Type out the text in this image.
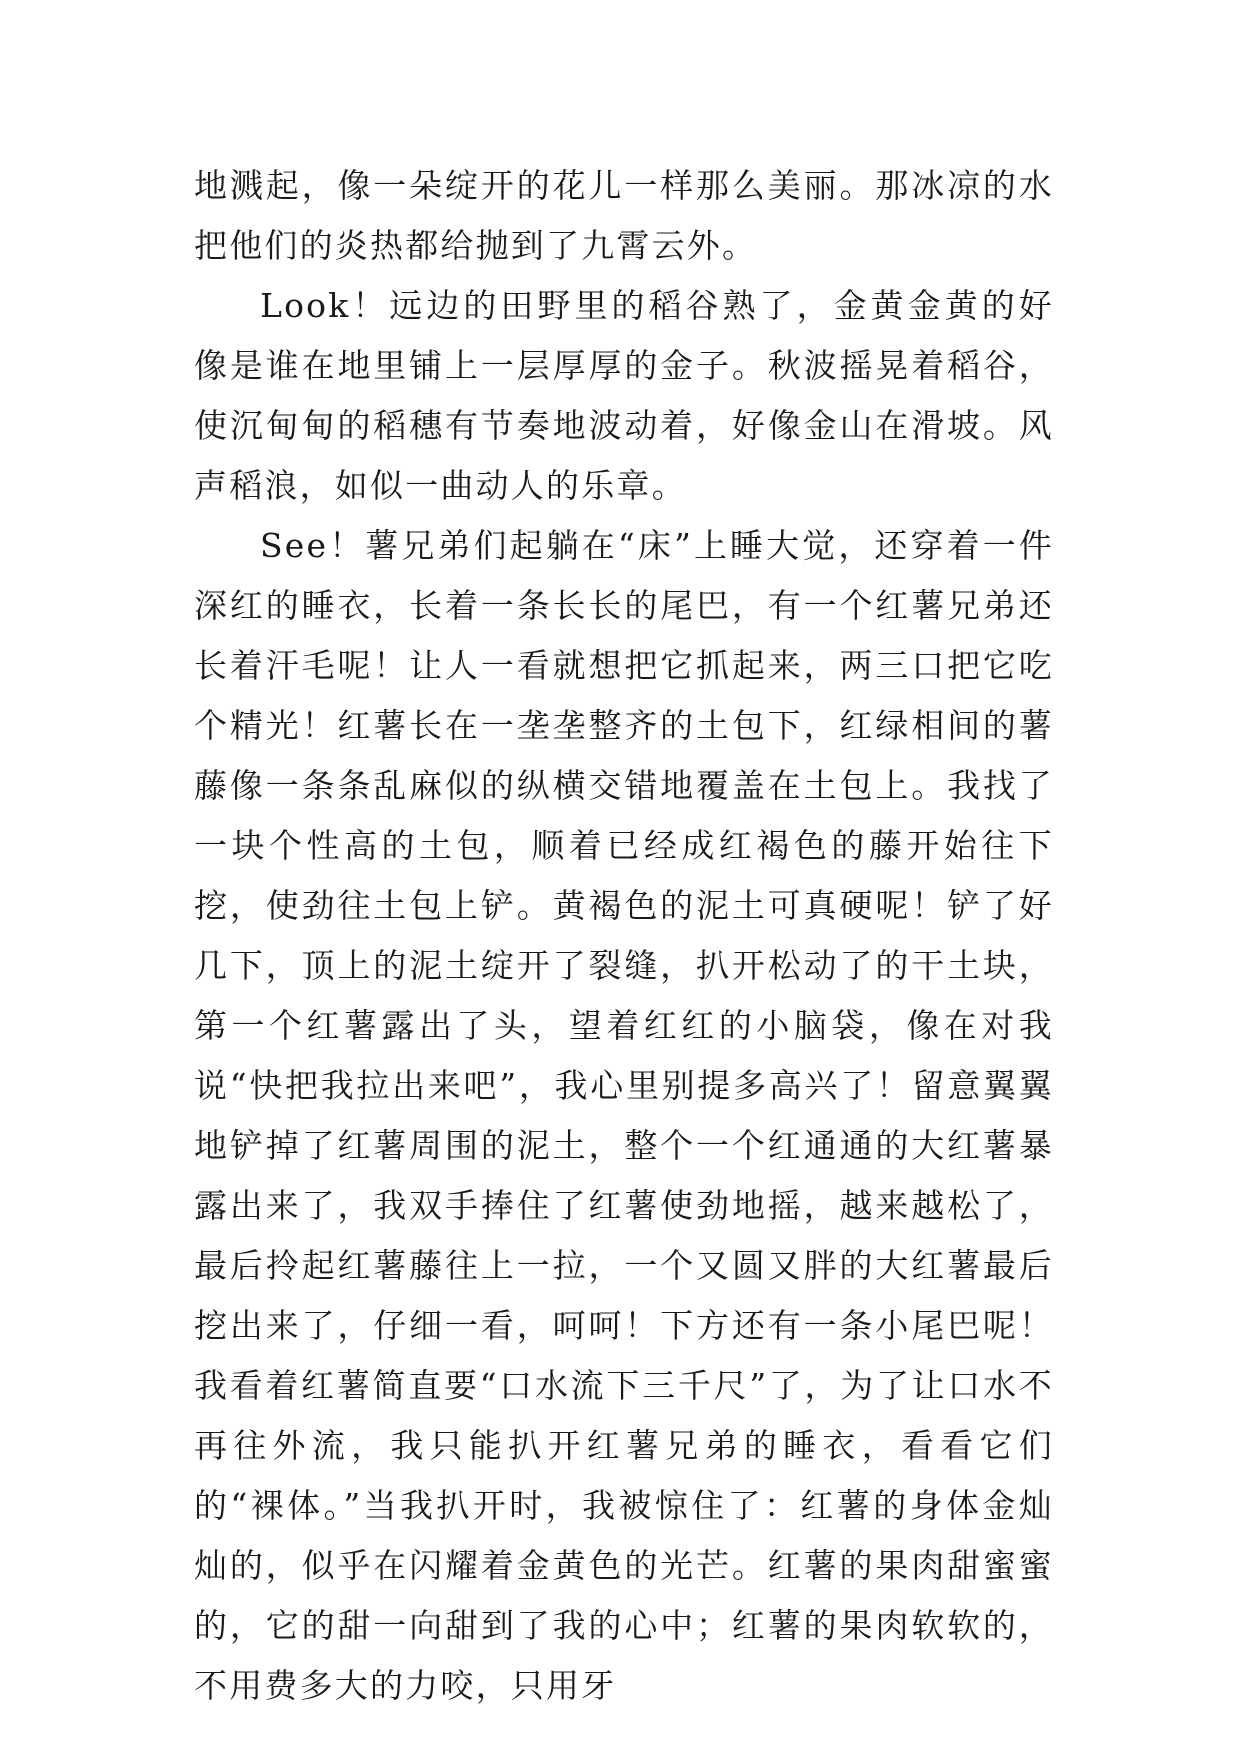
地溅起，像一朵绽开的花儿一样那么美丽。那冰凉的水把他们的炎热都给抛到了九霄云外。

Look！远边的田野里的稻谷熟了，金黄金黄的好像是谁在地里铺上一层厚厚的金子。秋波摇晃着稻谷，使沉甸甸的稻穗有节奏地波动着，好像金山在滑坡。风声稻浪，如似一曲动人的乐章。

See！薯兄弟们起躺在“床”上睡大觉，还穿着一件深红的睡衣，长着一条长长的尾巴，有一个红薯兄弟还长着汗毛呢！让人一看就想把它抓起来，两三口把它吃个精光！红薯长在一垄垄整齐的土包下，红绿相间的薯藤像一条条乱麻似的纵横交错地覆盖在土包上。我找了一块个性高的土包，顺着已经成红褐色的藤开始往下挖，使劲往土包上铲。黄褐色的泥土可真硬呢！铲了好几下，顶上的泥土绽开了裂缝，扒开松动了的干土块，第一个红薯露出了头，望着红红的小脑袋，像在对我说“快把我拉出来吧”，我心里别提多高兴了！留意翼翼地铲掉了红薯周围的泥土，整个一个红通通的大红薯暴露出来了，我双手捧住了红薯使劲地摇，越来越松了，最后拎起红薯藤往上一拉，一个又圆又胖的大红薯最后挖出来了，仔细一看，呵呵！下方还有一条小尾巴呢！我看着红薯简直要“口水流下三千尺”了，为了让口水不再往外流，我只能扒开红薯兄弟的睡衣，看看它们的“裸体。”当我扒开时，我被惊住了：红薯的身体金灿灿的，似乎在闪耀着金黄色的光芒。红薯的果肉甜蜜蜜的，它的甜一向甜到了我的心中；红薯的果肉软软的，不用费多大的力咬，只用牙
